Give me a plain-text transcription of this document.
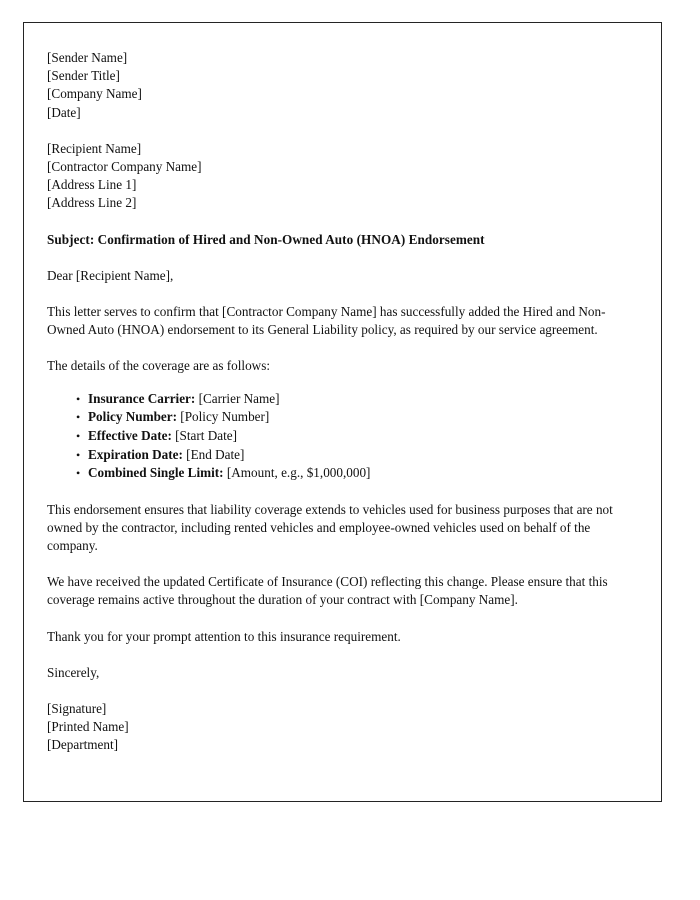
[Sender Name]
[Sender Title]
[Company Name]
[Date]
[Recipient Name]
[Contractor Company Name]
[Address Line 1]
[Address Line 2]

Subject: Confirmation of Hired and Non-Owned Auto (HNOA) Endorsement

Dear [Recipient Name],

This letter serves to confirm that [Contractor Company Name] has successfully added the Hired and Non-Owned Auto (HNOA) endorsement to its General Liability policy, as required by our service agreement.

The details of the coverage are as follows:

• Insurance Carrier: [Carrier Name]
• Policy Number: [Policy Number]
• Effective Date: [Start Date]
• Expiration Date: [End Date]
• Combined Single Limit: [Amount, e.g., $1,000,000]

This endorsement ensures that liability coverage extends to vehicles used for business purposes that are not owned by the contractor, including rented vehicles and employee-owned vehicles used on behalf of the company.

We have received the updated Certificate of Insurance (COI) reflecting this change. Please ensure that this coverage remains active throughout the duration of your contract with [Company Name].

Thank you for your prompt attention to this insurance requirement.

Sincerely,

[Signature]
[Printed Name]
[Department]
